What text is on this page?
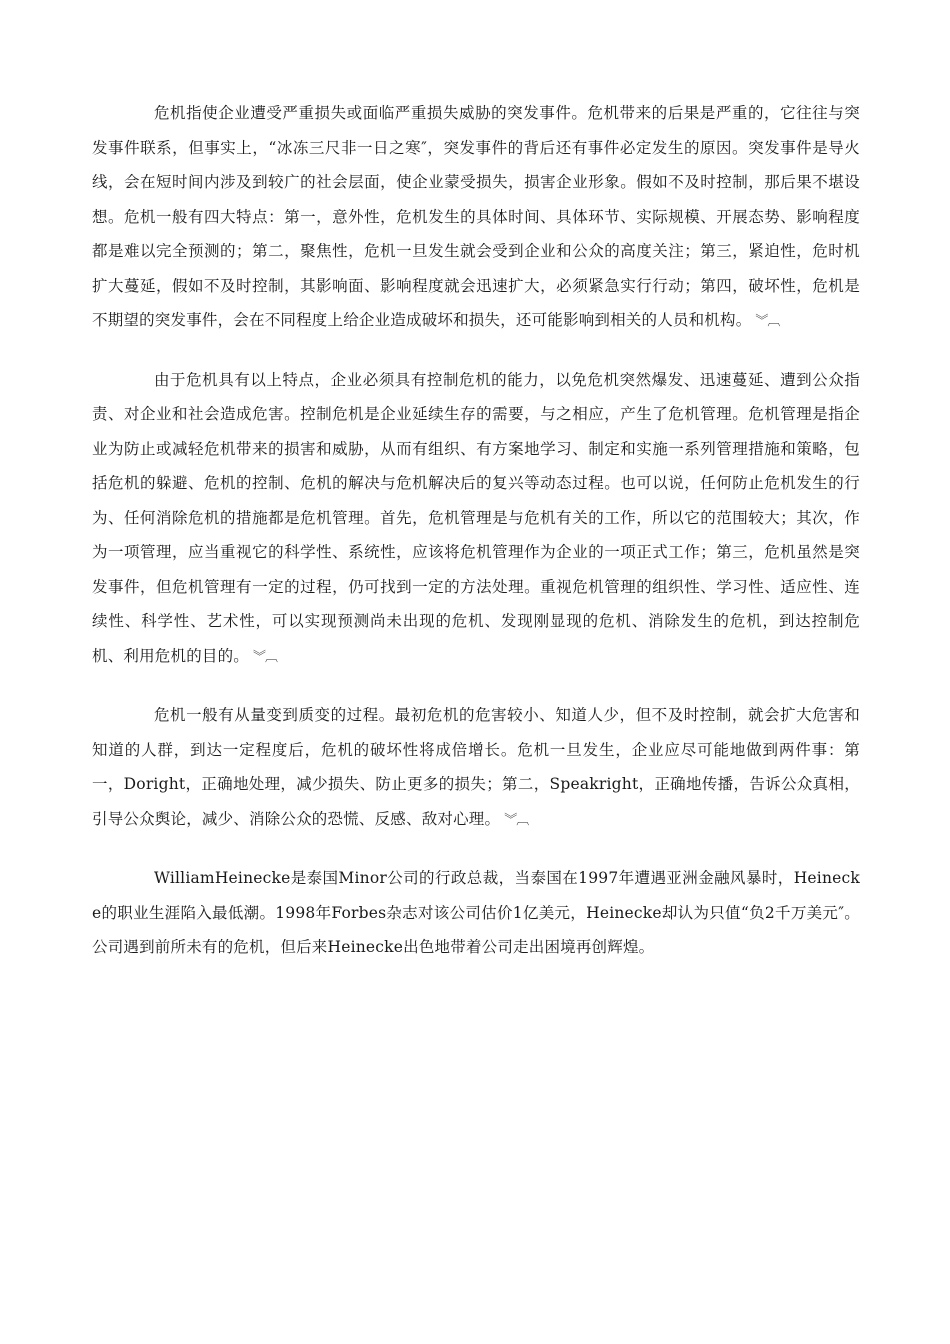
危机指使企业遭受严重损失或面临严重损失威胁的突发事件。危机带来的后果是严重的，它往往与突发事件联系，但事实上，“冰冻三尺非一日之寒″，突发事件的背后还有事件必定发生的原因。突发事件是导火线，会在短时间内涉及到较广的社会层面，使企业蒙受损失，损害企业形象。假如不及时控制，那后果不堪设想。危机一般有四大特点：第一，意外性，危机发生的具体时间、具体环节、实际规模、开展态势、影响程度都是难以完全预测的；第二，聚焦性，危机一旦发生就会受到企业和公众的高度关注；第三，紧迫性，危时机扩大蔓延，假如不及时控制，其影响面、影响程度就会迅速扩大，必须紧急实行行动；第四，破坏性，危机是不期望的突发事件，会在不同程度上给企业造成破坏和损失，还可能影响到相关的人员和机构。 ︾︹

由于危机具有以上特点，企业必须具有控制危机的能力，以免危机突然爆发、迅速蔓延、遭到公众指责、对企业和社会造成危害。控制危机是企业延续生存的需要，与之相应，产生了危机管理。危机管理是指企业为防止或减轻危机带来的损害和威胁，从而有组织、有方案地学习、制定和实施一系列管理措施和策略，包括危机的躲避、危机的控制、危机的解决与危机解决后的复兴等动态过程。也可以说，任何防止危机发生的行为、任何消除危机的措施都是危机管理。首先，危机管理是与危机有关的工作，所以它的范围较大；其次，作为一项管理，应当重视它的科学性、系统性，应该将危机管理作为企业的一项正式工作；第三，危机虽然是突发事件，但危机管理有一定的过程，仍可找到一定的方法处理。重视危机管理的组织性、学习性、适应性、连续性、科学性、艺术性，可以实现预测尚未出现的危机、发现刚显现的危机、消除发生的危机，到达控制危机、利用危机的目的。 ︾︹

危机一般有从量变到质变的过程。最初危机的危害较小、知道人少，但不及时控制，就会扩大危害和知道的人群，到达一定程度后，危机的破坏性将成倍增长。危机一旦发生，企业应尽可能地做到两件事：第一，Doright，正确地处理，减少损失、防止更多的损失；第二，Speakright，正确地传播，告诉公众真相，引导公众舆论，减少、消除公众的恐慌、反感、敌对心理。 ︾︹

WilliamHeinecke是泰国Minor公司的行政总裁，当泰国在1997年遭遇亚洲金融风暴时，Heinecke的职业生涯陷入最低潮。1998年Forbes杂志对该公司估价1亿美元，Heinecke却认为只值“负2千万美元″。公司遇到前所未有的危机，但后来Heinecke出色地带着公司走出困境再创辉煌。
